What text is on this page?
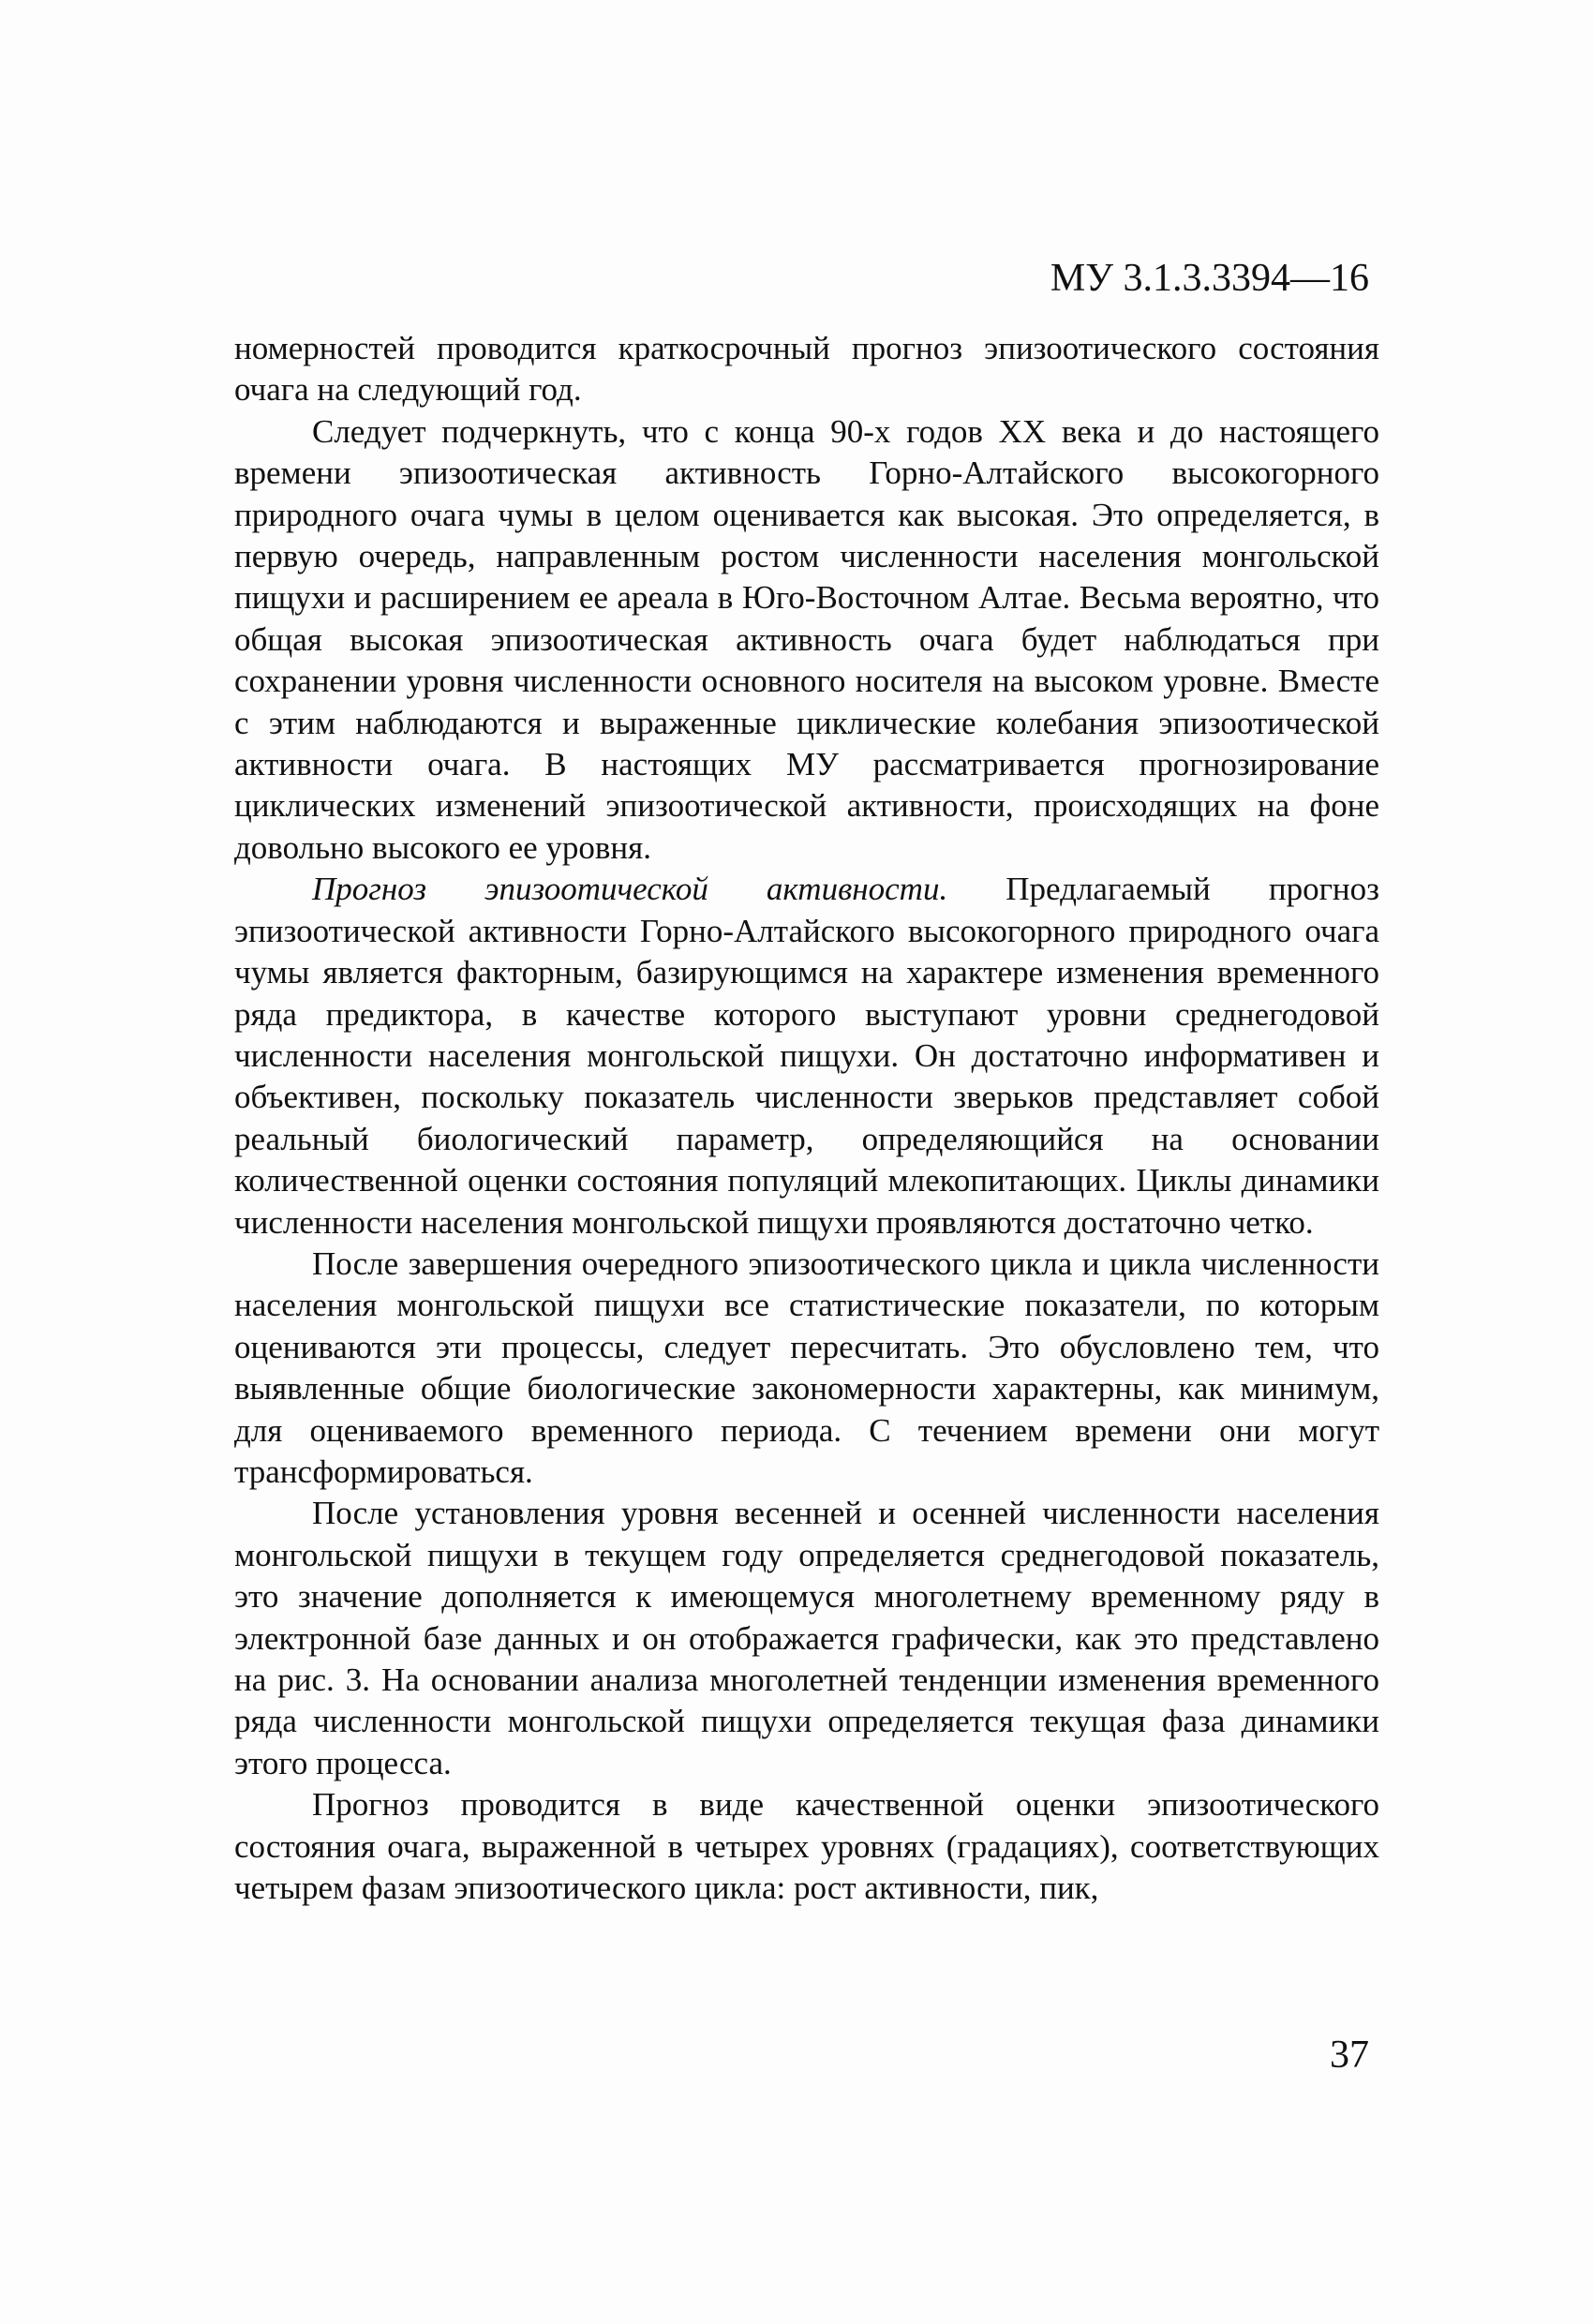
МУ 3.1.3.3394—16

номерностей проводится краткосрочный прогноз эпизоотического состояния очага на следующий год.

Следует подчеркнуть, что с конца 90-х годов XX века и до настоящего времени эпизоотическая активность Горно-Алтайского высокогорного природного очага чумы в целом оценивается как высокая. Это определяется, в первую очередь, направленным ростом численности населения монгольской пищухи и расширением ее ареала в Юго-Восточном Алтае. Весьма вероятно, что общая высокая эпизоотическая активность очага будет наблюдаться при сохранении уровня численности основного носителя на высоком уровне. Вместе с этим наблюдаются и выраженные циклические колебания эпизоотической активности очага. В настоящих МУ рассматривается прогнозирование циклических изменений эпизоотической активности, происходящих на фоне довольно высокого ее уровня.

Прогноз эпизоотической активности. Предлагаемый прогноз эпизоотической активности Горно-Алтайского высокогорного природного очага чумы является факторным, базирующимся на характере изменения временного ряда предиктора, в качестве которого выступают уровни среднегодовой численности населения монгольской пищухи. Он достаточно информативен и объективен, поскольку показатель численности зверьков представляет собой реальный биологический параметр, определяющийся на основании количественной оценки состояния популяций млекопитающих. Циклы динамики численности населения монгольской пищухи проявляются достаточно четко.

После завершения очередного эпизоотического цикла и цикла численности населения монгольской пищухи все статистические показатели, по которым оцениваются эти процессы, следует пересчитать. Это обусловлено тем, что выявленные общие биологические закономерности характерны, как минимум, для оцениваемого временного периода. С течением времени они могут трансформироваться.

После установления уровня весенней и осенней численности населения монгольской пищухи в текущем году определяется среднегодовой показатель, это значение дополняется к имеющемуся многолетнему временному ряду в электронной базе данных и он отображается графически, как это представлено на рис. 3. На основании анализа многолетней тенденции изменения временного ряда численности монгольской пищухи определяется текущая фаза динамики этого процесса.

Прогноз проводится в виде качественной оценки эпизоотического состояния очага, выраженной в четырех уровнях (градациях), соответствующих четырем фазам эпизоотического цикла: рост активности, пик,

37
